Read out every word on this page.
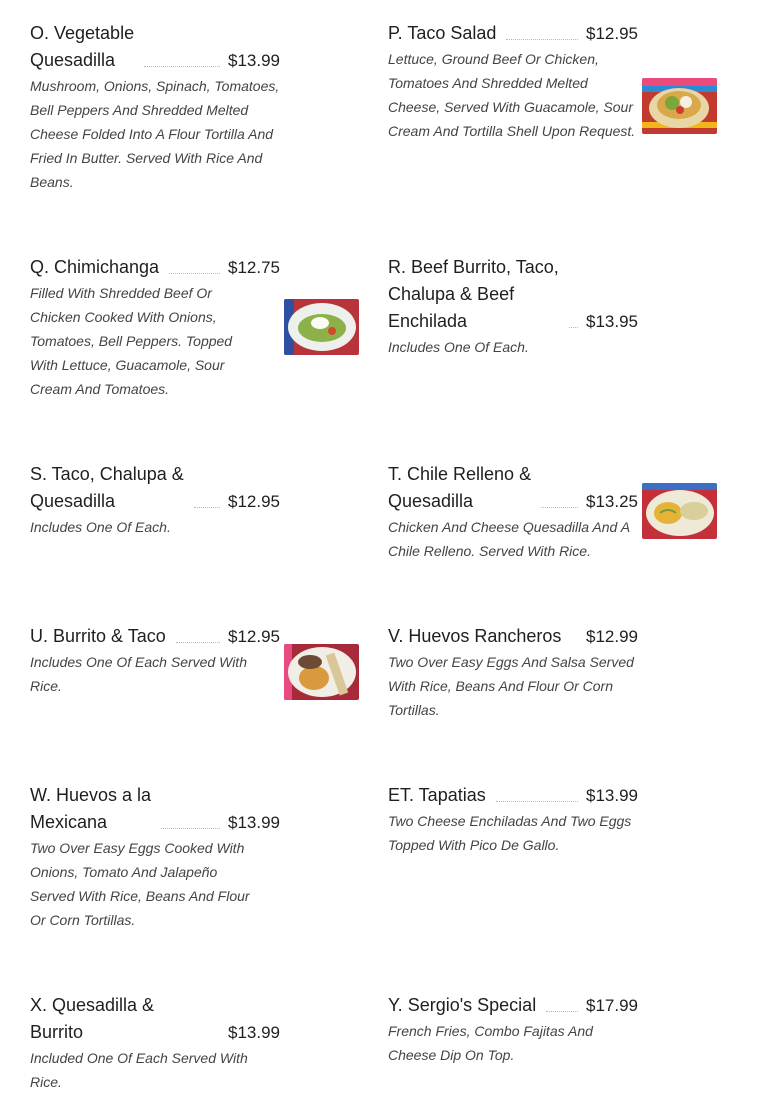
O. Vegetable
Quesadilla	$13.99
Mushroom, Onions, Spinach, Tomatoes, Bell Peppers And Shredded Melted Cheese Folded Into A Flour Tortilla And Fried In Butter. Served With Rice And Beans.
P. Taco Salad	$12.95
Lettuce, Ground Beef Or Chicken, Tomatoes And Shredded Melted Cheese, Served With Guacamole, Sour Cream And Tortilla Shell Upon Request.
Q. Chimichanga	$12.75
Filled With Shredded Beef Or Chicken Cooked With Onions, Tomatoes, Bell Peppers. Topped With Lettuce, Guacamole, Sour Cream And Tomatoes.
R. Beef Burrito, Taco,
Chalupa & Beef
Enchilada	$13.95
Includes One Of Each.
S. Taco, Chalupa &
Quesadilla	$12.95
Includes One Of Each.
T. Chile Relleno &
Quesadilla	$13.25
Chicken And Cheese Quesadilla And A Chile Relleno. Served With Rice.
U. Burrito & Taco	$12.95
Includes One Of Each Served With Rice.
V. Huevos Rancheros $12.99
Two Over Easy Eggs And Salsa Served With Rice, Beans And Flour Or Corn Tortillas.
W. Huevos a la
Mexicana	$13.99
Two Over Easy Eggs Cooked With Onions, Tomato And Jalapeño Served With Rice, Beans And Flour Or Corn Tortillas.
ET. Tapatias	$13.99
Two Cheese Enchiladas And Two Eggs Topped With Pico De Gallo.
X. Quesadilla & Burrito	$13.99
Included One Of Each Served With Rice.
Y. Sergio's Special	$17.99
French Fries, Combo Fajitas And Cheese Dip On Top.
